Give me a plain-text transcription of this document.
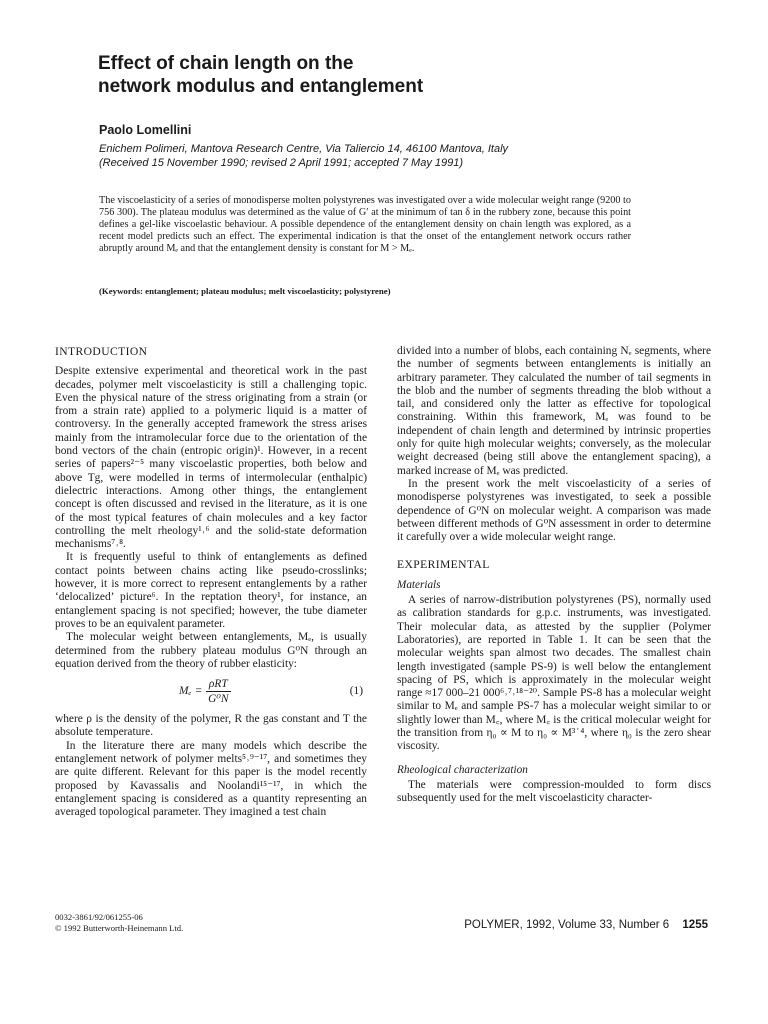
Effect of chain length on the
network modulus and entanglement
Paolo Lomellini
Enichem Polimeri, Mantova Research Centre, Via Taliercio 14, 46100 Mantova, Italy
(Received 15 November 1990; revised 2 April 1991; accepted 7 May 1991)

The viscoelasticity of a series of monodisperse molten polystyrenes was investigated over a wide molecular weight range (9200 to 756 300). The plateau modulus was determined as the value of G′ at the minimum of tan δ in the rubbery zone, because this point defines a gel-like viscoelastic behaviour. A possible dependence of the entanglement density on chain length was explored, as a recent model predicts such an effect. The experimental indication is that the onset of the entanglement network occurs rather abruptly around Mₑ and that the entanglement density is constant for M > Mₑ.

(Keywords: entanglement; plateau modulus; melt viscoelasticity; polystyrene)
INTRODUCTION

Despite extensive experimental and theoretical work in the past decades, polymer melt viscoelasticity is still a challenging topic. Even the physical nature of the stress originating from a strain (or from a strain rate) applied to a polymeric liquid is a matter of controversy. In the generally accepted framework the stress arises mainly from the intramolecular force due to the orientation of the bond vectors of the chain (entropic origin)¹. However, in a recent series of papers²⁻⁵ many viscoelastic properties, both below and above Tg, were modelled in terms of intermolecular (enthalpic) dielectric interactions. Among other things, the entanglement concept is often discussed and revised in the literature, as it is one of the most typical features of chain molecules and a key factor controlling the melt rheology¹˒⁶ and the solid-state deformation mechanisms⁷˒⁸.

It is frequently useful to think of entanglements as defined contact points between chains acting like pseudo-crosslinks; however, it is more correct to represent entanglements by a rather ‘delocalized’ picture⁶. In the reptation theory¹, for instance, an entanglement spacing is not specified; however, the tube diameter proves to be an equivalent parameter.

The molecular weight between entanglements, Mₑ, is usually determined from the rubbery plateau modulus G⁰N through an equation derived from the theory of rubber elasticity:

$M_e = \frac{\text{ρRT}}{\text{G⁰N}}$	(1)

where ρ is the density of the polymer, R the gas constant and T the absolute temperature.

In the literature there are many models which describe the entanglement network of polymer melts⁵˒⁹⁻¹⁷, and sometimes they are quite different. Relevant for this paper is the model recently proposed by Kavassalis and Noolandi¹⁵⁻¹⁷, in which the entanglement spacing is considered as a quantity representing an averaged topological parameter. They imagined a test chain

divided into a number of blobs, each containing Nₑ segments, where the number of segments between entanglements is initially an arbitrary parameter. They calculated the number of tail segments in the blob and the number of segments threading the blob without a tail, and considered only the latter as effective for topological constraining. Within this framework, Mₑ was found to be independent of chain length and determined by intrinsic properties only for quite high molecular weights; conversely, as the molecular weight decreased (being still above the entanglement spacing), a marked increase of Mₑ was predicted.

In the present work the melt viscoelasticity of a series of monodisperse polystyrenes was investigated, to seek a possible dependence of G⁰N on molecular weight. A comparison was made between different methods of G⁰N assessment in order to determine it carefully over a wide molecular weight range.

EXPERIMENTAL
Materials

A series of narrow-distribution polystyrenes (PS), normally used as calibration standards for g.p.c. instruments, was investigated. Their molecular data, as attested by the supplier (Polymer Laboratories), are reported in Table 1. It can be seen that the molecular weights span almost two decades. The smallest chain length investigated (sample PS-9) is well below the entanglement spacing of PS, which is approximately in the molecular weight range ≈17 000–21 000⁶˒⁷˒¹⁸⁻²⁰. Sample PS-8 has a molecular weight similar to Mₑ and sample PS-7 has a molecular weight similar to or slightly lower than M꜀, where M꜀ is the critical molecular weight for the transition from η₀ ∝ M to η₀ ∝ M³˙⁴, where η₀ is the zero shear viscosity.

Rheological characterization

The materials were compression-moulded to form discs subsequently used for the melt viscoelasticity character-

0032-3861/92/061255-06
© 1992 Butterworth-Heinemann Ltd.	POLYMER, 1992, Volume 33, Number 6 1255
